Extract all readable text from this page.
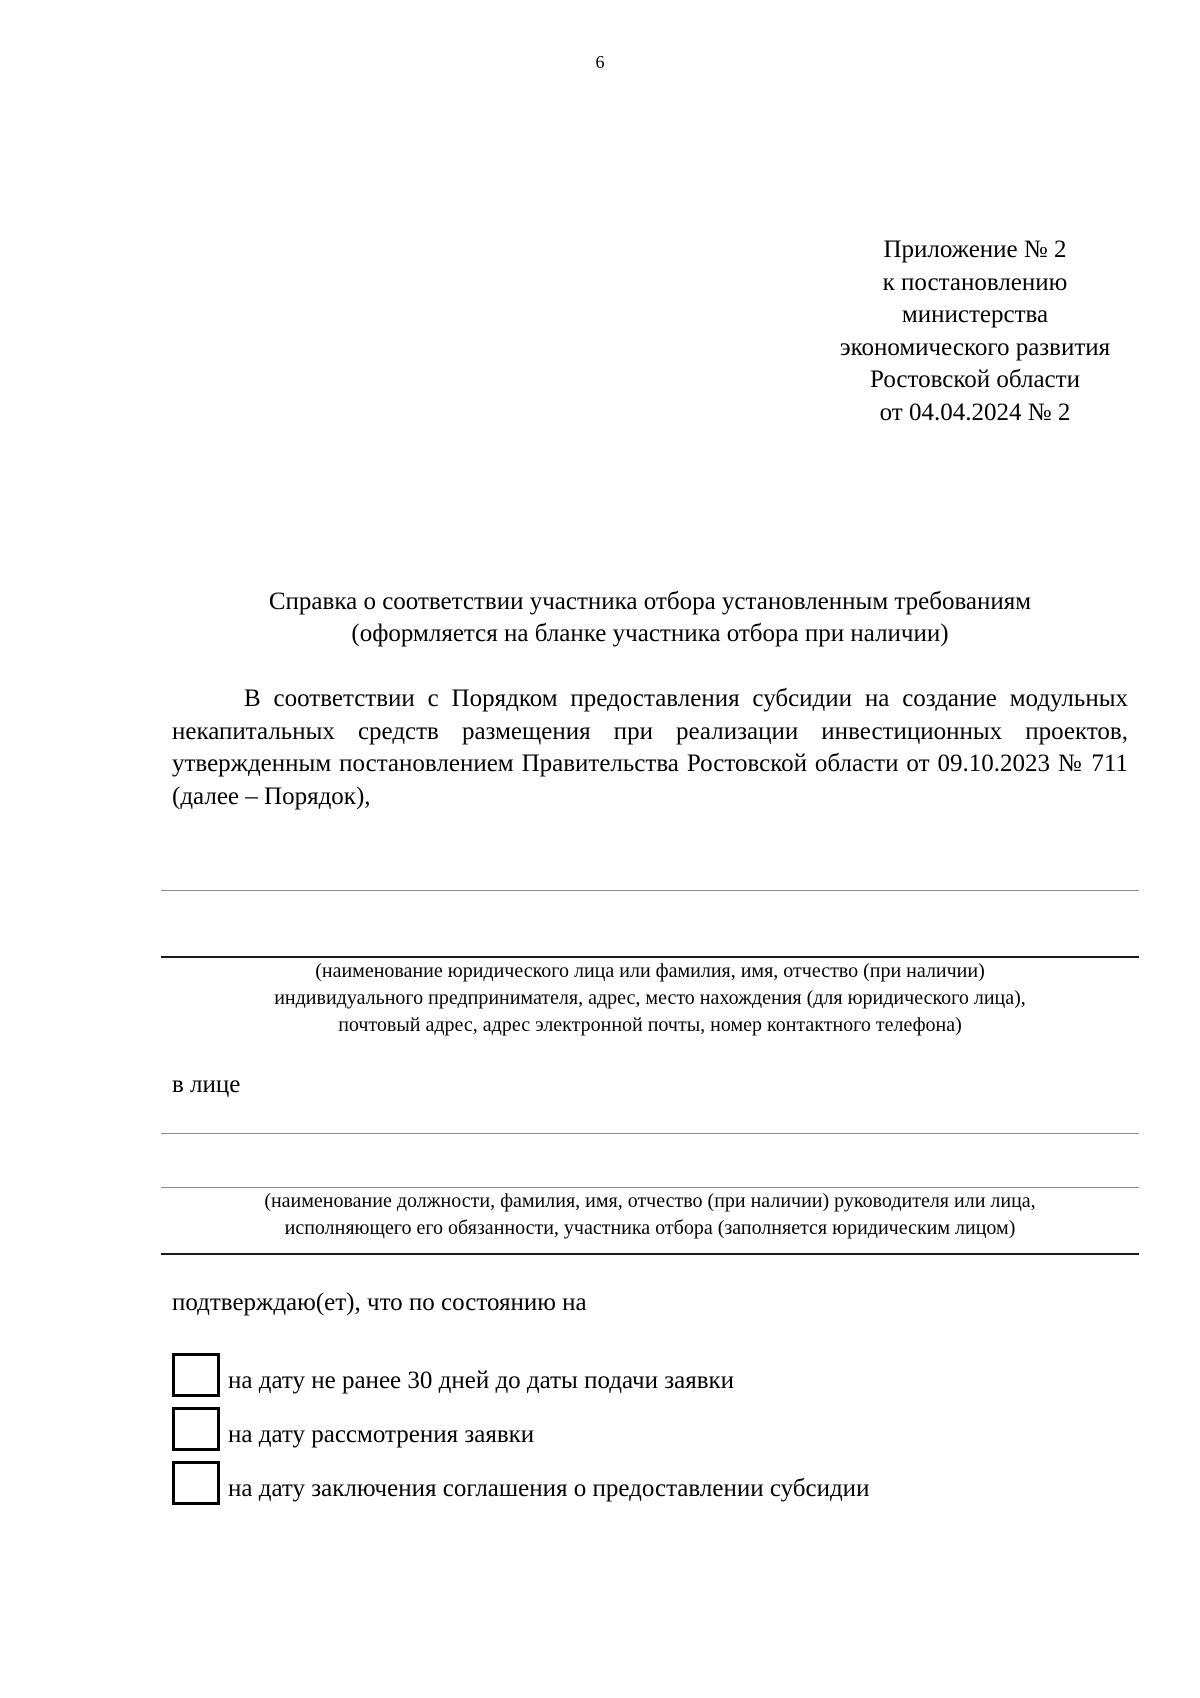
6
Приложение № 2
к постановлению
министерства
экономического развития
Ростовской области
от 04.04.2024 № 2
Справка о соответствии участника отбора установленным требованиям
(оформляется на бланке участника отбора при наличии)

В соответствии с Порядком предоставления субсидии на создание модульных некапитальных средств размещения при реализации инвестиционных проектов, утвержденным постановлением Правительства Ростовской области от 09.10.2023 № 711 (далее – Порядок),

(наименование юридического лица или фамилия, имя, отчество (при наличии)
индивидуального предпринимателя, адрес, место нахождения (для юридического лица),
почтовый адрес, адрес электронной почты, номер контактного телефона)
в лице
(наименование должности, фамилия, имя, отчество (при наличии) руководителя или лица,
исполняющего его обязанности, участника отбора (заполняется юридическим лицом)
подтверждаю(ет), что по состоянию на
на дату не ранее 30 дней до даты подачи заявки
на дату рассмотрения заявки
на дату заключения соглашения о предоставлении субсидии
